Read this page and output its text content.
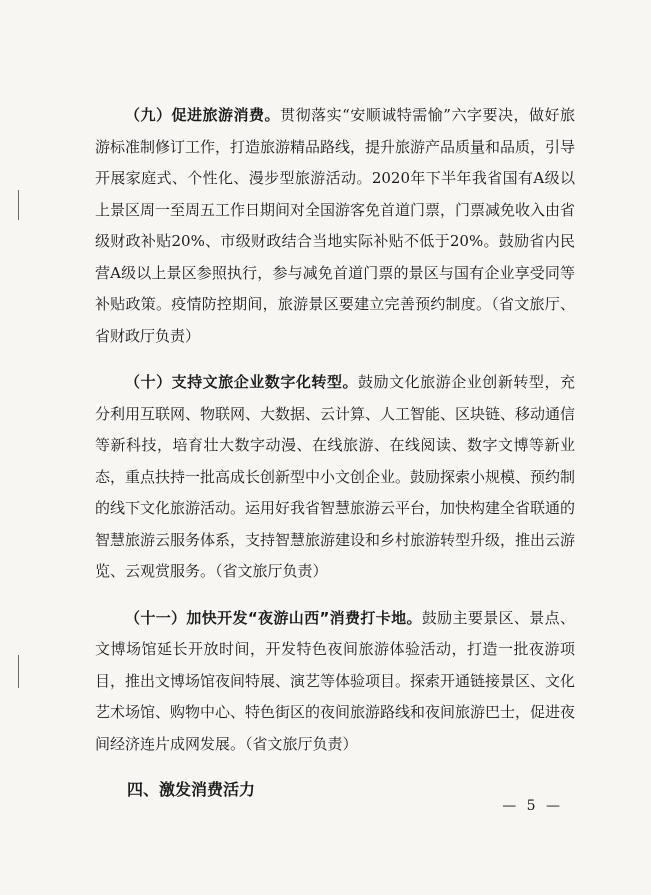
（九）促进旅游消费。贯彻落实“安顺诚特需愉”六字要决，做好旅游标准制修订工作，打造旅游精品路线，提升旅游产品质量和品质，引导开展家庭式、个性化、漫步型旅游活动。2020年下半年我省国有A级以上景区周一至周五工作日期间对全国游客免首道门票，门票减免收入由省级财政补贴20%、市级财政结合当地实际补贴不低于20%。鼓励省内民营A级以上景区参照执行，参与减免首道门票的景区与国有企业享受同等补贴政策。疫情防控期间，旅游景区要建立完善预约制度。（省文旅厅、省财政厅负责）

（十）支持文旅企业数字化转型。鼓励文化旅游企业创新转型，充分利用互联网、物联网、大数据、云计算、人工智能、区块链、移动通信等新科技，培育壮大数字动漫、在线旅游、在线阅读、数字文博等新业态，重点扶持一批高成长创新型中小文创企业。鼓励探索小规模、预约制的线下文化旅游活动。运用好我省智慧旅游云平台，加快构建全省联通的智慧旅游云服务体系，支持智慧旅游建设和乡村旅游转型升级，推出云游览、云观赏服务。（省文旅厅负责）

（十一）加快开发“夜游山西”消费打卡地。鼓励主要景区、景点、文博场馆延长开放时间，开发特色夜间旅游体验活动，打造一批夜游项目，推出文博场馆夜间特展、演艺等体验项目。探索开通链接景区、文化艺术场馆、购物中心、特色街区的夜间旅游路线和夜间旅游巴士，促进夜间经济连片成网发展。（省文旅厅负责）

四、激发消费活力
— 5 —
